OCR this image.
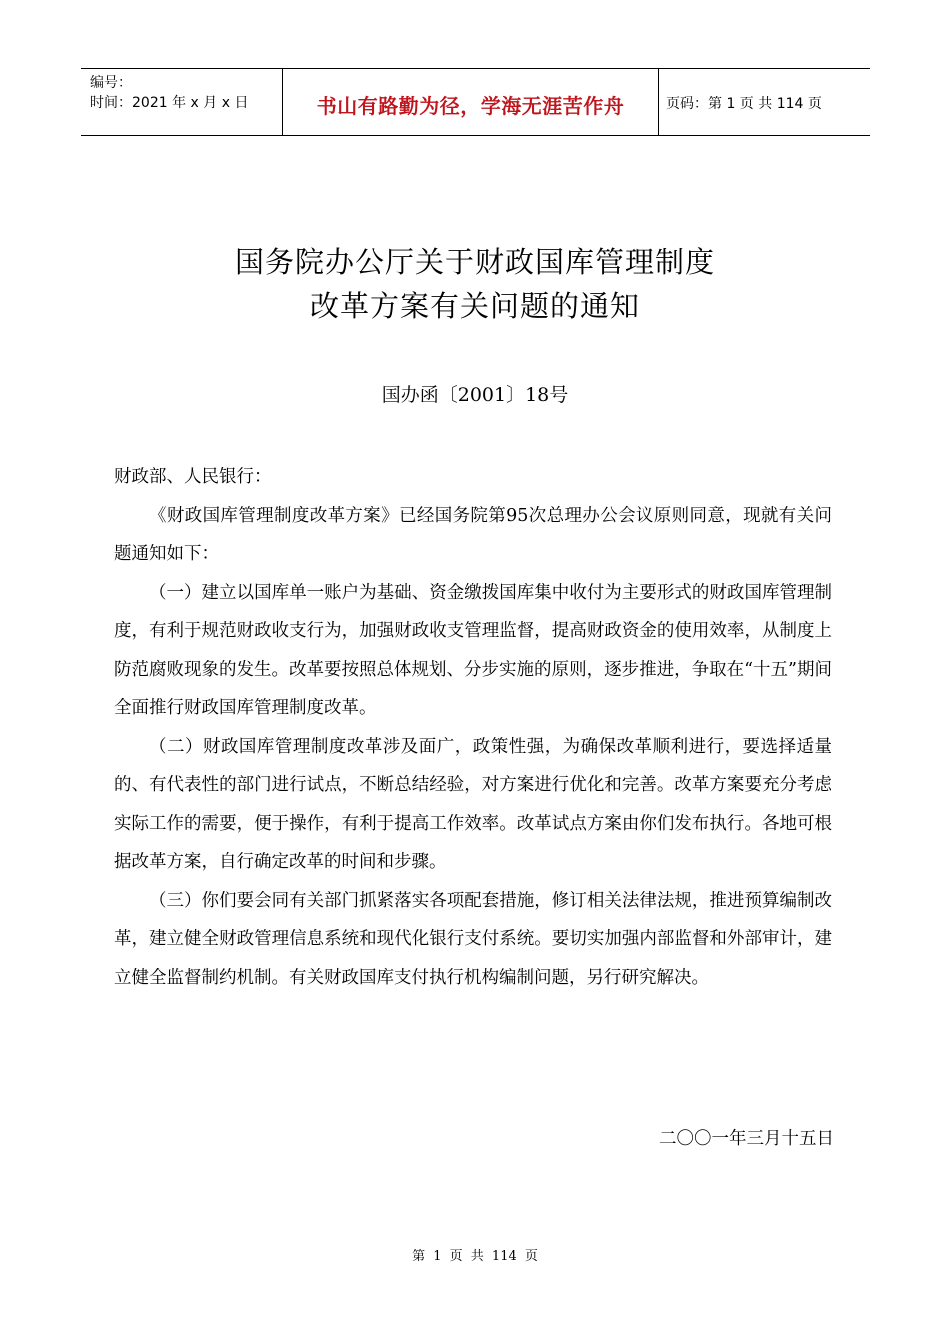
编号：
时间：2021 年 x 月 x 日	书山有路勤为径，学海无涯苦作舟	页码：第 1 页 共 114 页
国务院办公厅关于财政国库管理制度
改革方案有关问题的通知
国办函〔2001〕18号

财政部、人民银行：

《财政国库管理制度改革方案》已经国务院第95次总理办公会议原则同意，现就有关问题通知如下：

（一）建立以国库单一账户为基础、资金缴拨国库集中收付为主要形式的财政国库管理制度，有利于规范财政收支行为，加强财政收支管理监督，提高财政资金的使用效率，从制度上防范腐败现象的发生。改革要按照总体规划、分步实施的原则，逐步推进，争取在“十五”期间全面推行财政国库管理制度改革。

（二）财政国库管理制度改革涉及面广，政策性强，为确保改革顺利进行，要选择适量的、有代表性的部门进行试点，不断总结经验，对方案进行优化和完善。改革方案要充分考虑实际工作的需要，便于操作，有利于提高工作效率。改革试点方案由你们发布执行。各地可根据改革方案，自行确定改革的时间和步骤。

（三）你们要会同有关部门抓紧落实各项配套措施，修订相关法律法规，推进预算编制改革，建立健全财政管理信息系统和现代化银行支付系统。要切实加强内部监督和外部审计，建立健全监督制约机制。有关财政国库支付执行机构编制问题，另行研究解决。

二〇〇一年三月十五日
第 1 页 共 114 页
